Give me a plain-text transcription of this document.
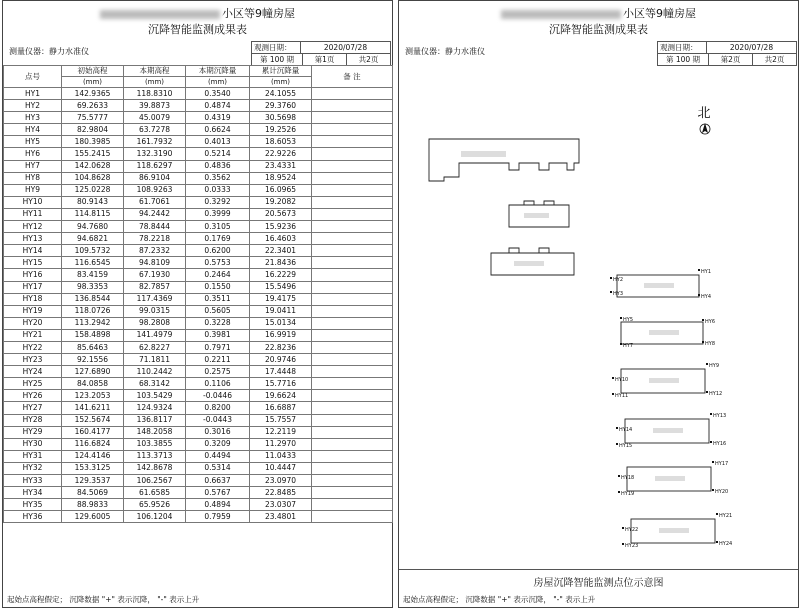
小区等9幢房屋
沉降智能监测成果表
测量仪器：静力水准仪	观测日期：	2020/07/28
第 100 期	第1页	共2页
点号	初始高程	本期高程	本期沉降量	累计沉降量	备 注
	(mm)	(mm)	(mm)	(mm)	
HY1	142.9365	118.8310	0.3540	24.1055	
HY2	69.2633	39.8873	0.4874	29.3760	
HY3	75.5777	45.0079	0.4319	30.5698	
HY4	82.9804	63.7278	0.6624	19.2526	
HY5	180.3985	161.7932	0.4013	18.6053	
HY6	155.2415	132.3190	0.5214	22.9226	
HY7	142.0628	118.6297	0.4836	23.4331	
HY8	104.8628	86.9104	0.3562	18.9524	
HY9	125.0228	108.9263	0.0333	16.0965	
HY10	80.9143	61.7061	0.3292	19.2082	
HY11	114.8115	94.2442	0.3999	20.5673	
HY12	94.7680	78.8444	0.3105	15.9236	
HY13	94.6821	78.2218	0.1769	16.4603	
HY14	109.5732	87.2332	0.6200	22.3401	
HY15	116.6545	94.8109	0.5753	21.8436	
HY16	83.4159	67.1930	0.2464	16.2229	
HY17	98.3353	82.7857	0.1550	15.5496	
HY18	136.8544	117.4369	0.3511	19.4175	
HY19	118.0726	99.0315	0.5605	19.0411	
HY20	113.2942	98.2808	0.3228	15.0134	
HY21	158.4898	141.4979	0.3981	16.9919	
HY22	85.6463	62.8227	0.7971	22.8236	
HY23	92.1556	71.1811	0.2211	20.9746	
HY24	127.6890	110.2442	0.2575	17.4448	
HY25	84.0858	68.3142	0.1106	15.7716	
HY26	123.2053	103.5429	-0.0446	19.6624	
HY27	141.6211	124.9324	0.8200	16.6887	
HY28	152.5674	136.8117	-0.0443	15.7557	
HY29	160.4177	148.2058	0.3016	12.2119	
HY30	116.6824	103.3855	0.3209	11.2970	
HY31	124.4146	113.3713	0.4494	11.0433	
HY32	153.3125	142.8678	0.5314	10.4447	
HY33	129.3537	106.2567	0.6637	23.0970	
HY34	84.5069	61.6585	0.5767	22.8485	
HY35	88.9833	65.9526	0.4894	23.0307	
HY36	129.6005	106.1204	0.7959	23.4801	
起始点高程假定； 沉降数据 "+" 表示沉降， "-" 表示上升
小区等9幢房屋
沉降智能监测成果表
测量仪器：静力水准仪	观测日期：	2020/07/28
第 100 期	第2页	共2页
北
HY1
HY2
HY3	HY4
HY5	HY6
HY7	HY8
HY9
HY10
HY11	HY12
HY13
HY14
HY15	HY16
HY17
HY18
HY19	HY20
HY21
HY22
HY23	HY24
房屋沉降智能监测点位示意图
起始点高程假定； 沉降数据 "+" 表示沉降， "-" 表示上升
